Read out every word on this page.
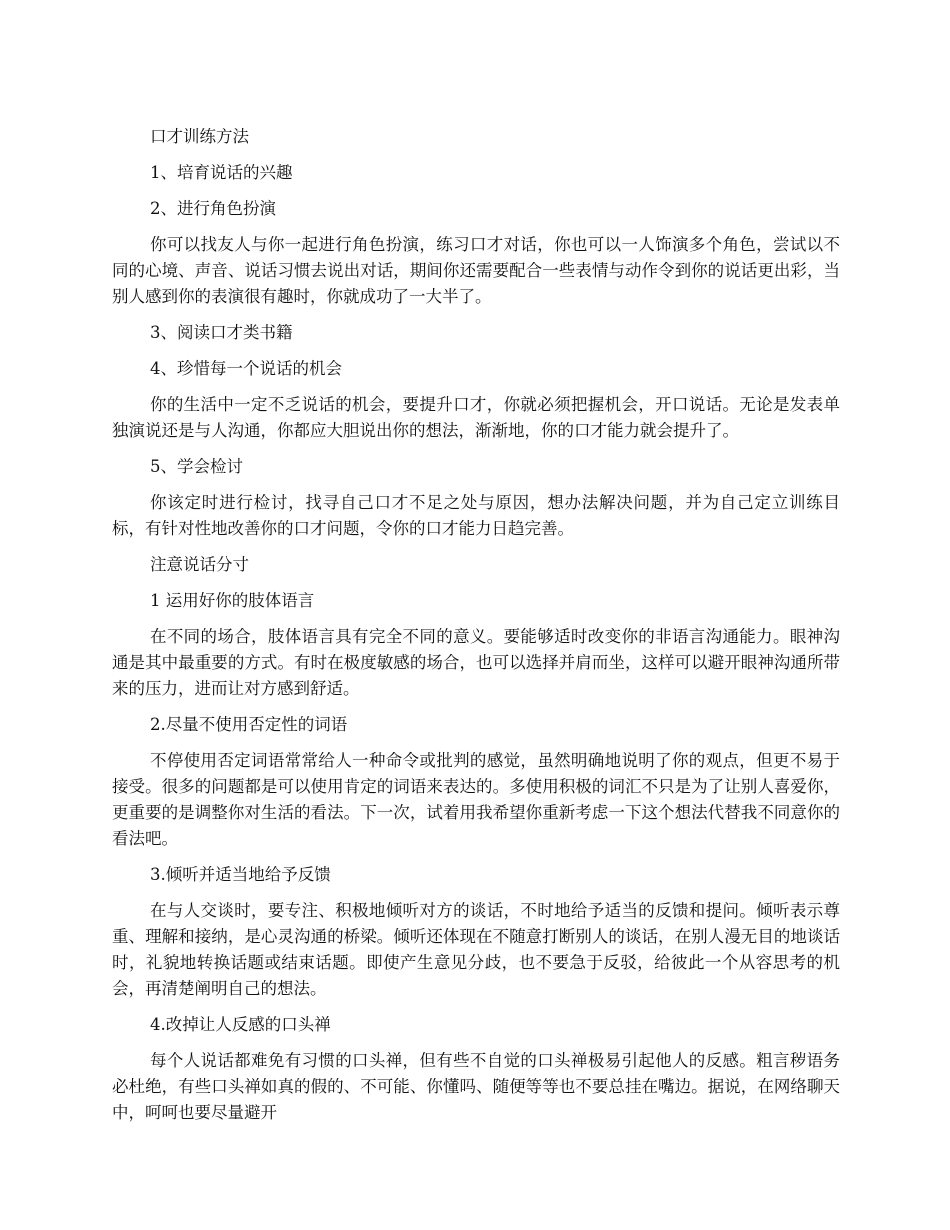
口才训练方法

1、培育说话的兴趣

2、进行角色扮演

你可以找友人与你一起进行角色扮演，练习口才对话，你也可以一人饰演多个角色，尝试以不同的心境、声音、说话习惯去说出对话，期间你还需要配合一些表情与动作令到你的说话更出彩，当别人感到你的表演很有趣时，你就成功了一大半了。

3、阅读口才类书籍

4、珍惜每一个说话的机会

你的生活中一定不乏说话的机会，要提升口才，你就必须把握机会，开口说话。无论是发表单独演说还是与人沟通，你都应大胆说出你的想法，渐渐地，你的口才能力就会提升了。

5、学会检讨

你该定时进行检讨，找寻自己口才不足之处与原因，想办法解决问题，并为自己定立训练目标，有针对性地改善你的口才问题，令你的口才能力日趋完善。

注意说话分寸

1 运用好你的肢体语言

在不同的场合，肢体语言具有完全不同的意义。要能够适时改变你的非语言沟通能力。眼神沟通是其中最重要的方式。有时在极度敏感的场合，也可以选择并肩而坐，这样可以避开眼神沟通所带来的压力，进而让对方感到舒适。

2.尽量不使用否定性的词语

不停使用否定词语常常给人一种命令或批判的感觉，虽然明确地说明了你的观点，但更不易于接受。很多的问题都是可以使用肯定的词语来表达的。多使用积极的词汇不只是为了让别人喜爱你，更重要的是调整你对生活的看法。下一次，试着用我希望你重新考虑一下这个想法代替我不同意你的看法吧。

3.倾听并适当地给予反馈

在与人交谈时，要专注、积极地倾听对方的谈话，不时地给予适当的反馈和提问。倾听表示尊重、理解和接纳，是心灵沟通的桥梁。倾听还体现在不随意打断别人的谈话，在别人漫无目的地谈话时，礼貌地转换话题或结束话题。即使产生意见分歧，也不要急于反驳，给彼此一个从容思考的机会，再清楚阐明自己的想法。

4.改掉让人反感的口头禅

每个人说话都难免有习惯的口头禅，但有些不自觉的口头禅极易引起他人的反感。粗言秽语务必杜绝，有些口头禅如真的假的、不可能、你懂吗、随便等等也不要总挂在嘴边。据说，在网络聊天中，呵呵也要尽量避开
